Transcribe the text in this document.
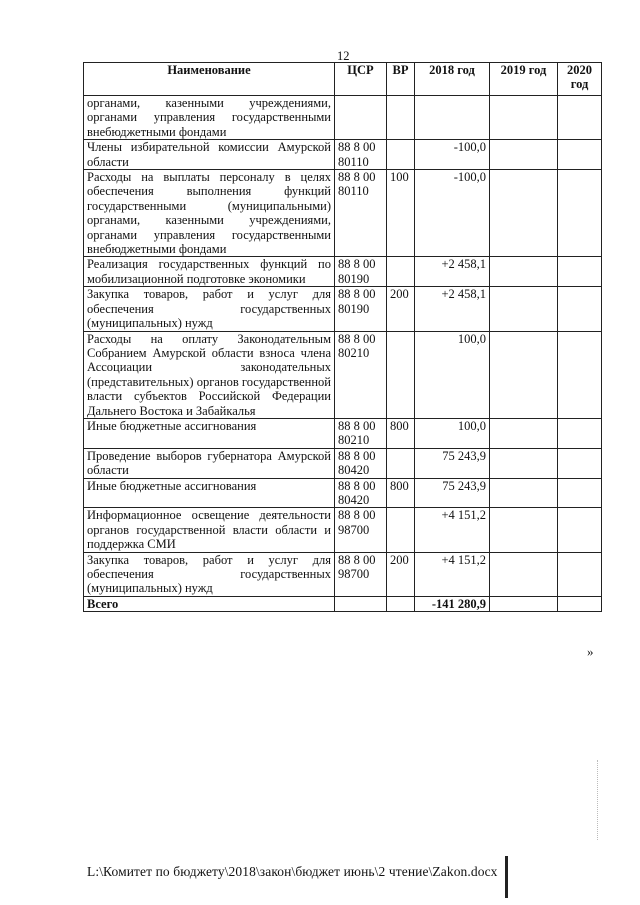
12
Наименование	ЦСР	ВР	2018 год	2019 год	2020 год
органами, казенными учреждениями, органами управления государственными внебюджетными фондами					
Члены избирательной комиссии Амурской области	88 8 00 80110		-100,0		
Расходы на выплаты персоналу в целях обеспечения выполнения функций государственными (муниципальными) органами, казенными учреждениями, органами управления государственными внебюджетными фондами	88 8 00 80110	100	-100,0		
Реализация государственных функций по мобилизационной подготовке экономики	88 8 00 80190		+2 458,1		
Закупка товаров, работ и услуг для обеспечения государственных (муниципальных) нужд	88 8 00 80190	200	+2 458,1		
Расходы на оплату Законодательным Собранием Амурской области взноса члена Ассоциации законодательных (представительных) органов государственной власти субъектов Российской Федерации Дальнего Востока и Забайкалья	88 8 00 80210		100,0		
Иные бюджетные ассигнования	88 8 00 80210	800	100,0		
Проведение выборов губернатора Амурской области	88 8 00 80420		75 243,9		
Иные бюджетные ассигнования	88 8 00 80420	800	75 243,9		
Информационное освещение деятельности органов государственной власти области и поддержка СМИ	88 8 00 98700		+4 151,2		
Закупка товаров, работ и услуг для обеспечения государственных (муниципальных) нужд	88 8 00 98700	200	+4 151,2		
Всего			-141 280,9		
»
L:\Комитет по бюджету\2018\закон\бюджет июнь\2 чтение\Zakon.docx
